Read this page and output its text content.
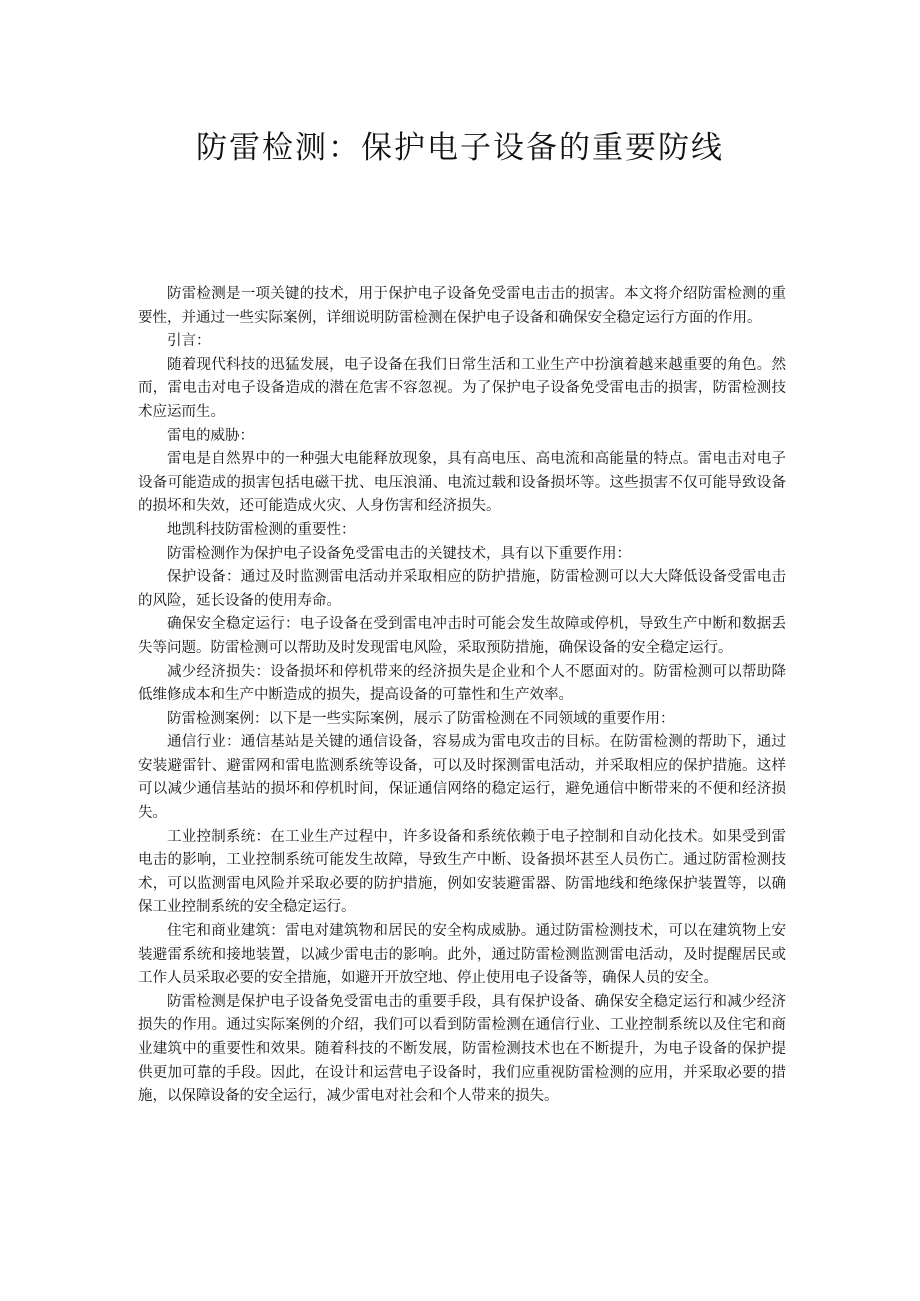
防雷检测：保护电子设备的重要防线

防雷检测是一项关键的技术，用于保护电子设备免受雷电击击的损害。本文将介绍防雷检测的重要性，并通过一些实际案例，详细说明防雷检测在保护电子设备和确保安全稳定运行方面的作用。

引言：

随着现代科技的迅猛发展，电子设备在我们日常生活和工业生产中扮演着越来越重要的角色。然而，雷电击对电子设备造成的潜在危害不容忽视。为了保护电子设备免受雷电击的损害，防雷检测技术应运而生。

雷电的威胁：

雷电是自然界中的一种强大电能释放现象，具有高电压、高电流和高能量的特点。雷电击对电子设备可能造成的损害包括电磁干扰、电压浪涌、电流过载和设备损坏等。这些损害不仅可能导致设备的损坏和失效，还可能造成火灾、人身伤害和经济损失。

地凯科技防雷检测的重要性：

防雷检测作为保护电子设备免受雷电击的关键技术，具有以下重要作用：

保护设备：通过及时监测雷电活动并采取相应的防护措施，防雷检测可以大大降低设备受雷电击的风险，延长设备的使用寿命。

确保安全稳定运行：电子设备在受到雷电冲击时可能会发生故障或停机，导致生产中断和数据丢失等问题。防雷检测可以帮助及时发现雷电风险，采取预防措施，确保设备的安全稳定运行。

减少经济损失：设备损坏和停机带来的经济损失是企业和个人不愿面对的。防雷检测可以帮助降低维修成本和生产中断造成的损失，提高设备的可靠性和生产效率。

防雷检测案例：以下是一些实际案例，展示了防雷检测在不同领域的重要作用：

通信行业：通信基站是关键的通信设备，容易成为雷电攻击的目标。在防雷检测的帮助下，通过安装避雷针、避雷网和雷电监测系统等设备，可以及时探测雷电活动，并采取相应的保护措施。这样可以减少通信基站的损坏和停机时间，保证通信网络的稳定运行，避免通信中断带来的不便和经济损失。

工业控制系统：在工业生产过程中，许多设备和系统依赖于电子控制和自动化技术。如果受到雷电击的影响，工业控制系统可能发生故障，导致生产中断、设备损坏甚至人员伤亡。通过防雷检测技术，可以监测雷电风险并采取必要的防护措施，例如安装避雷器、防雷地线和绝缘保护装置等，以确保工业控制系统的安全稳定运行。

住宅和商业建筑：雷电对建筑物和居民的安全构成威胁。通过防雷检测技术，可以在建筑物上安装避雷系统和接地装置，以减少雷电击的影响。此外，通过防雷检测监测雷电活动，及时提醒居民或工作人员采取必要的安全措施，如避开开放空地、停止使用电子设备等，确保人员的安全。

防雷检测是保护电子设备免受雷电击的重要手段，具有保护设备、确保安全稳定运行和减少经济损失的作用。通过实际案例的介绍，我们可以看到防雷检测在通信行业、工业控制系统以及住宅和商业建筑中的重要性和效果。随着科技的不断发展，防雷检测技术也在不断提升，为电子设备的保护提供更加可靠的手段。因此，在设计和运营电子设备时，我们应重视防雷检测的应用，并采取必要的措施，以保障设备的安全运行，减少雷电对社会和个人带来的损失。
